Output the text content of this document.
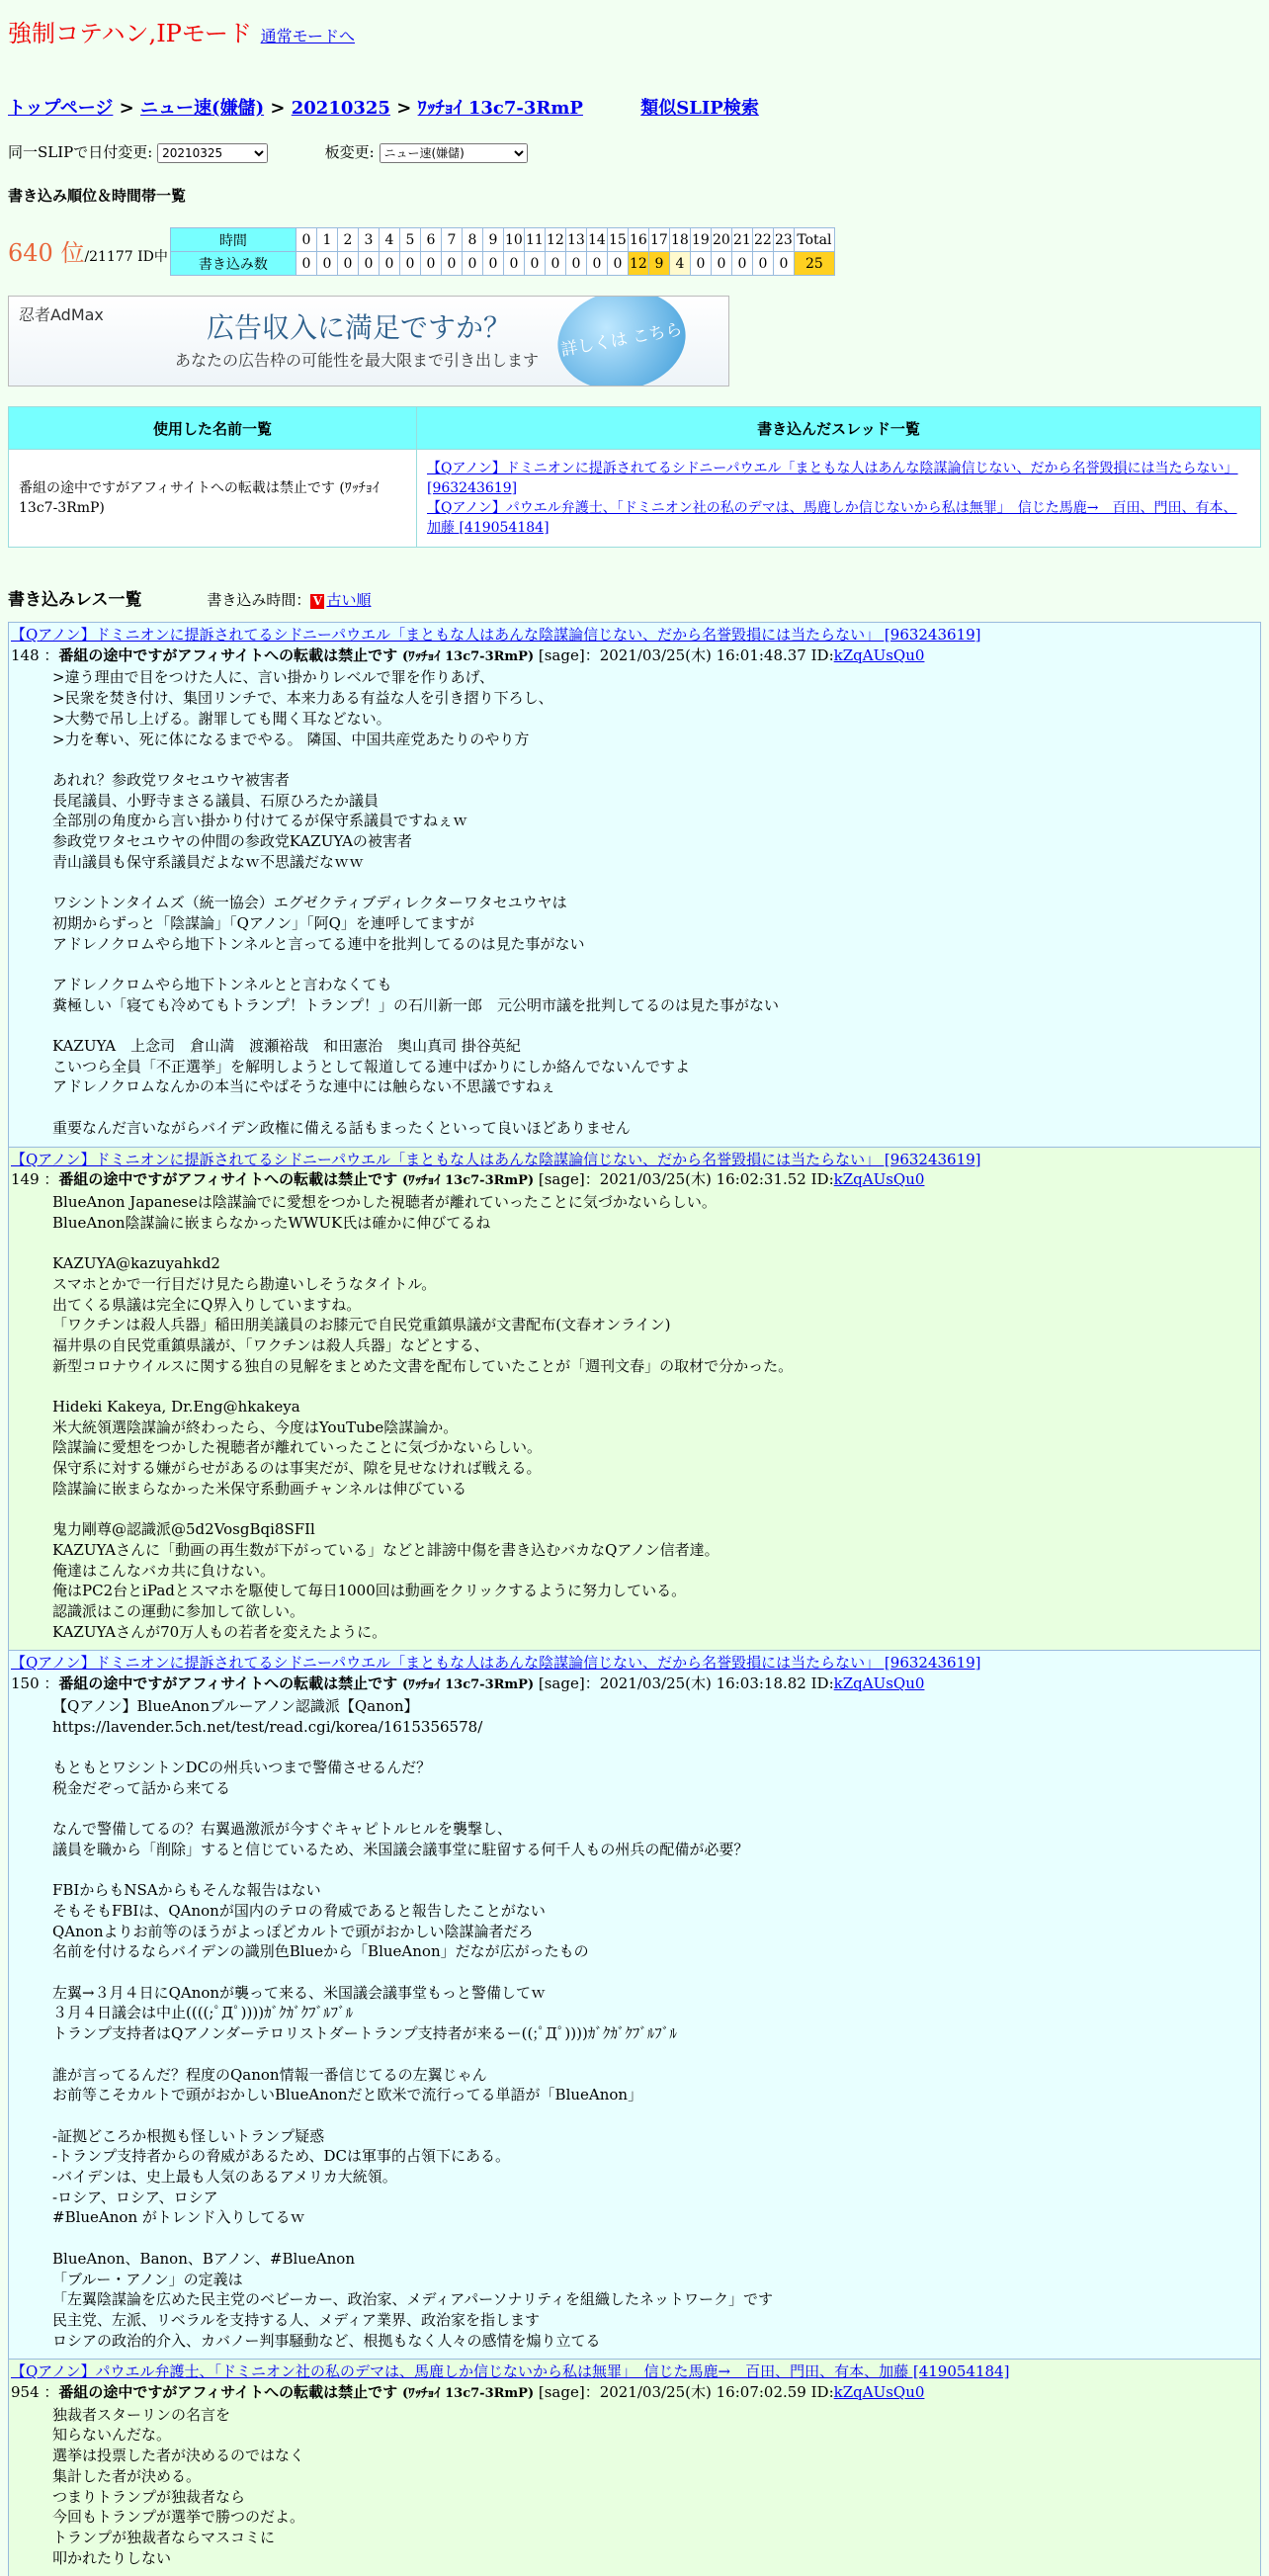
強制コテハン,IPモード 通常モードへ
トップページ > ニュー速(嫌儲) > 20210325 > ﾜｯﾁｮｲ 13c7-3RmP	類似SLIP検索
同一SLIPで日付変更:
20210325	板変更:
ニュー速(嫌儲)
書き込み順位＆時間帯一覧
640 位/21177 ID中
時間	0	1	2	3	4	5	6	7	8	9	10	11	12	13	14	15	16	17	18	19	20	21	22	23	Total
書き込み数	0	0	0	0	0	0	0	0	0	0	0	0	0	0	0	0	12	9	4	0	0	0	0	0	25
忍者AdMax	広告収入に満足ですか？
あなたの広告枠の可能性を最大限まで引き出します	詳しくは こちら
使用した名前一覧	書き込んだスレッド一覧
番組の途中ですがアフィサイトへの転載は禁止です (ﾜｯﾁｮｲ 13c7-3RmP)	【Qアノン】ドミニオンに提訴されてるシドニーパウエル「まともな人はあんな陰謀論信じない、だから名誉毀損には当たらない」 [963243619]
【Qアノン】パウエル弁護士、「ドミニオン社の私のデマは、馬鹿しか信じないから私は無罪」　信じた馬鹿→　百田、門田、有本、加藤 [419054184]
書き込みレス一覧	書き込み時間： V 古い順
【Qアノン】ドミニオンに提訴されてるシドニーパウエル「まともな人はあんな陰謀論信じない、だから名誉毀損には当たらない」 [963243619]
148 ：番組の途中ですがアフィサイトへの転載は禁止です (ﾜｯﾁｮｲ 13c7-3RmP) [sage]：2021/03/25(木) 16:01:48.37 ID:kZqAUsQu0
>違う理由で目をつけた人に、言い掛かりレベルで罪を作りあげ、
>民衆を焚き付け、集団リンチで、本来力ある有益な人を引き摺り下ろし、
>大勢で吊し上げる。謝罪しても聞く耳などない。
>力を奪い、死に体になるまでやる。 隣国、中国共産党あたりのやり方

あれれ？参政党ワタセユウヤ被害者
長尾議員、小野寺まさる議員、石原ひろたか議員
全部別の角度から言い掛かり付けてるが保守系議員ですねぇｗ
参政党ワタセユウヤの仲間の参政党KAZUYAの被害者
青山議員も保守系議員だよなｗ不思議だなｗｗ

ワシントンタイムズ（統一協会）エグゼクティブディレクターワタセユウヤは
初期からずっと「陰謀論」「Qアノン」「阿Q」を連呼してますが
アドレノクロムやら地下トンネルと言ってる連中を批判してるのは見た事がない

アドレノクロムやら地下トンネルとと言わなくても
糞極しい「寝ても冷めてもトランプ！トランプ！」の石川新一郎　元公明市議を批判してるのは見た事がない

KAZUYA　上念司　倉山満　渡瀬裕哉　和田憲治　奥山真司 掛谷英紀
こいつら全員「不正選挙」を解明しようとして報道してる連中ばかりにしか絡んでないんですよ
アドレノクロムなんかの本当にやばそうな連中には触らない不思議ですねぇ

重要なんだ言いながらバイデン政権に備える話もまったくといって良いほどありません
【Qアノン】ドミニオンに提訴されてるシドニーパウエル「まともな人はあんな陰謀論信じない、だから名誉毀損には当たらない」 [963243619]
149 ：番組の途中ですがアフィサイトへの転載は禁止です (ﾜｯﾁｮｲ 13c7-3RmP) [sage]：2021/03/25(木) 16:02:31.52 ID:kZqAUsQu0
BlueAnon Japaneseは陰謀論でに愛想をつかした視聴者が離れていったことに気づかないらしい。
BlueAnon陰謀論に嵌まらなかったWWUK氏は確かに伸びてるね

KAZUYA@kazuyahkd2
スマホとかで一行目だけ見たら勘違いしそうなタイトル。
出てくる県議は完全にQ界入りしていますね。
「ワクチンは殺人兵器」稲田朋美議員のお膝元で自民党重鎮県議が文書配布(文春オンライン)
福井県の自民党重鎮県議が、「ワクチンは殺人兵器」などとする、
新型コロナウイルスに関する独自の見解をまとめた文書を配布していたことが「週刊文春」の取材で分かった。

Hideki Kakeya, Dr.Eng@hkakeya
米大統領選陰謀論が終わったら、今度はYouTube陰謀論か。
陰謀論に愛想をつかした視聴者が離れていったことに気づかないらしい。
保守系に対する嫌がらせがあるのは事実だが、隙を見せなければ戦える。
陰謀論に嵌まらなかった米保守系動画チャンネルは伸びている

鬼力剛尊@認識派@5d2VosgBqi8SFIl
KAZUYAさんに「動画の再生数が下がっている」などと誹謗中傷を書き込むバカなQアノン信者達。
俺達はこんなバカ共に負けない。
俺はPC2台とiPadとスマホを駆使して毎日1000回は動画をクリックするように努力している。
認識派はこの運動に参加して欲しい。
KAZUYAさんが70万人もの若者を変えたように。
【Qアノン】ドミニオンに提訴されてるシドニーパウエル「まともな人はあんな陰謀論信じない、だから名誉毀損には当たらない」 [963243619]
150 ：番組の途中ですがアフィサイトへの転載は禁止です (ﾜｯﾁｮｲ 13c7-3RmP) [sage]：2021/03/25(木) 16:03:18.82 ID:kZqAUsQu0
【Qアノン】BlueAnonブルーアノン認識派【Qanon】
https://lavender.5ch.net/test/read.cgi/korea/1615356578/

もともとワシントンDCの州兵いつまで警備させるんだ？
税金だぞって話から来てる

なんで警備してるの？右翼過激派が今すぐキャピトルヒルを襲撃し、
議員を職から「削除」すると信じているため、米国議会議事堂に駐留する何千人もの州兵の配備が必要？

FBIからもNSAからもそんな報告はない
そもそもFBIは、QAnonが国内のテロの脅威であると報告したことがない
QAnonよりお前等のほうがよっぽどカルトで頭がおかしい陰謀論者だろ
名前を付けるならバイデンの識別色Blueから「BlueAnon」だなが広がったもの

左翼→３月４日にQAnonが襲って来る、米国議会議事堂もっと警備してｗ
３月４日議会は中止((((;ﾟДﾟ))))ｶﾞｸｶﾞｸﾌﾞﾙﾌﾞﾙ
トランプ支持者はQアノンダーテロリストダートランプ支持者が来るー((;ﾟДﾟ))))ｶﾞｸｶﾞｸﾌﾞﾙﾌﾞﾙ

誰が言ってるんだ？程度のQanon情報一番信じてるの左翼じゃん
お前等こそカルトで頭がおかしいBlueAnonだと欧米で流行ってる単語が「BlueAnon」

-証拠どころか根拠も怪しいトランプ疑惑
-トランプ支持者からの脅威があるため、DCは軍事的占領下にある。
-バイデンは、史上最も人気のあるアメリカ大統領。
-ロシア、ロシア、ロシア
#BlueAnon がトレンド入りしてるｗ

BlueAnon、Banon、Bアノン、#BlueAnon
「ブルー・アノン」の定義は
「左翼陰謀論を広めた民主党のベビーカー、政治家、メディアパーソナリティを組織したネットワーク」です
民主党、左派、リベラルを支持する人、メディア業界、政治家を指します
ロシアの政治的介入、カバノー判事騒動など、根拠もなく人々の感情を煽り立てる
【Qアノン】パウエル弁護士、「ドミニオン社の私のデマは、馬鹿しか信じないから私は無罪」　信じた馬鹿→　百田、門田、有本、加藤 [419054184]
954 ：番組の途中ですがアフィサイトへの転載は禁止です (ﾜｯﾁｮｲ 13c7-3RmP) [sage]：2021/03/25(木) 16:07:02.59 ID:kZqAUsQu0
独裁者スターリンの名言を
知らないんだな。
選挙は投票した者が決めるのではなく
集計した者が決める。
つまりトランプが独裁者なら
今回もトランプが選挙で勝つのだよ。
トランプが独裁者ならマスコミに
叩かれたりしない
